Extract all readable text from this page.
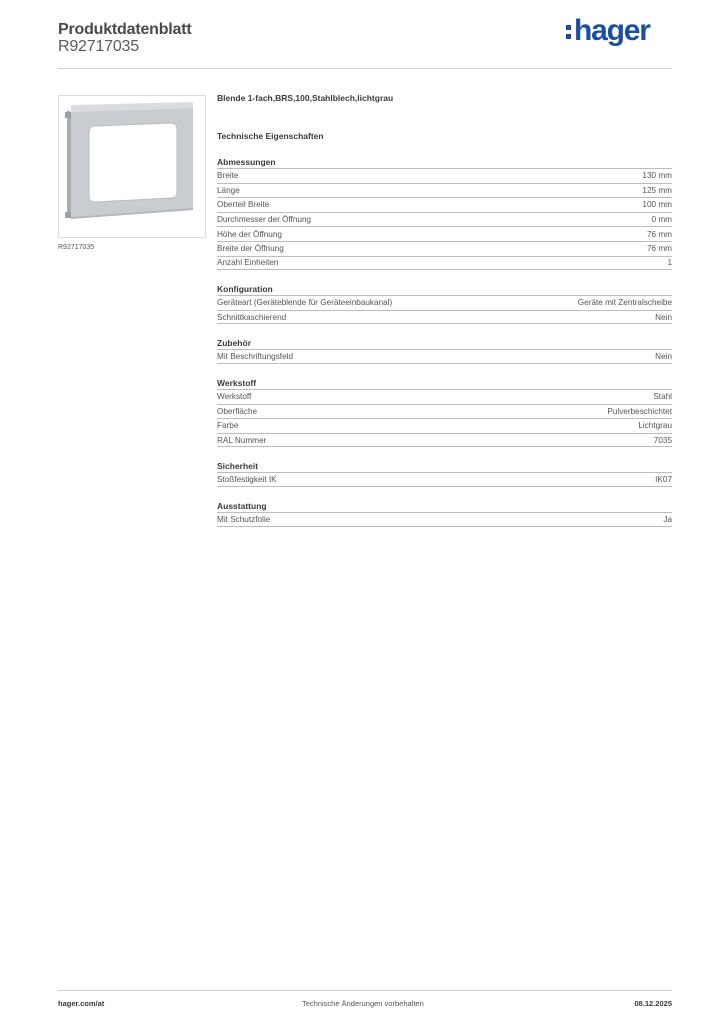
Produktdatenblatt
R92717035	hager
R92717035
Blende 1-fach,BRS,100,Stahlblech,lichtgrau
Technische Eigenschaften
Abmessungen
Breite	130 mm
Länge	125 mm
Oberteil Breite	100 mm
Durchmesser der Öffnung	0 mm
Höhe der Öffnung	76 mm
Breite der Öffnung	76 mm
Anzahl Einheiten	1
Konfiguration
Geräteart (Geräteblende für Geräteeinbaukanal)	Geräte mit Zentralscheibe
Schnittkaschierend	Nein
Zubehör
Mit Beschriftungsfeld	Nein
Werkstoff
Werkstoff	Stahl
Oberfläche	Pulverbeschichtet
Farbe	Lichtgrau
RAL Nummer	7035
Sicherheit
Stoßfestigkeit IK	IK07
Ausstattung
Mit Schutzfolie	Ja
hager.com/at	Technische Änderungen vorbehalten	08.12.2025
